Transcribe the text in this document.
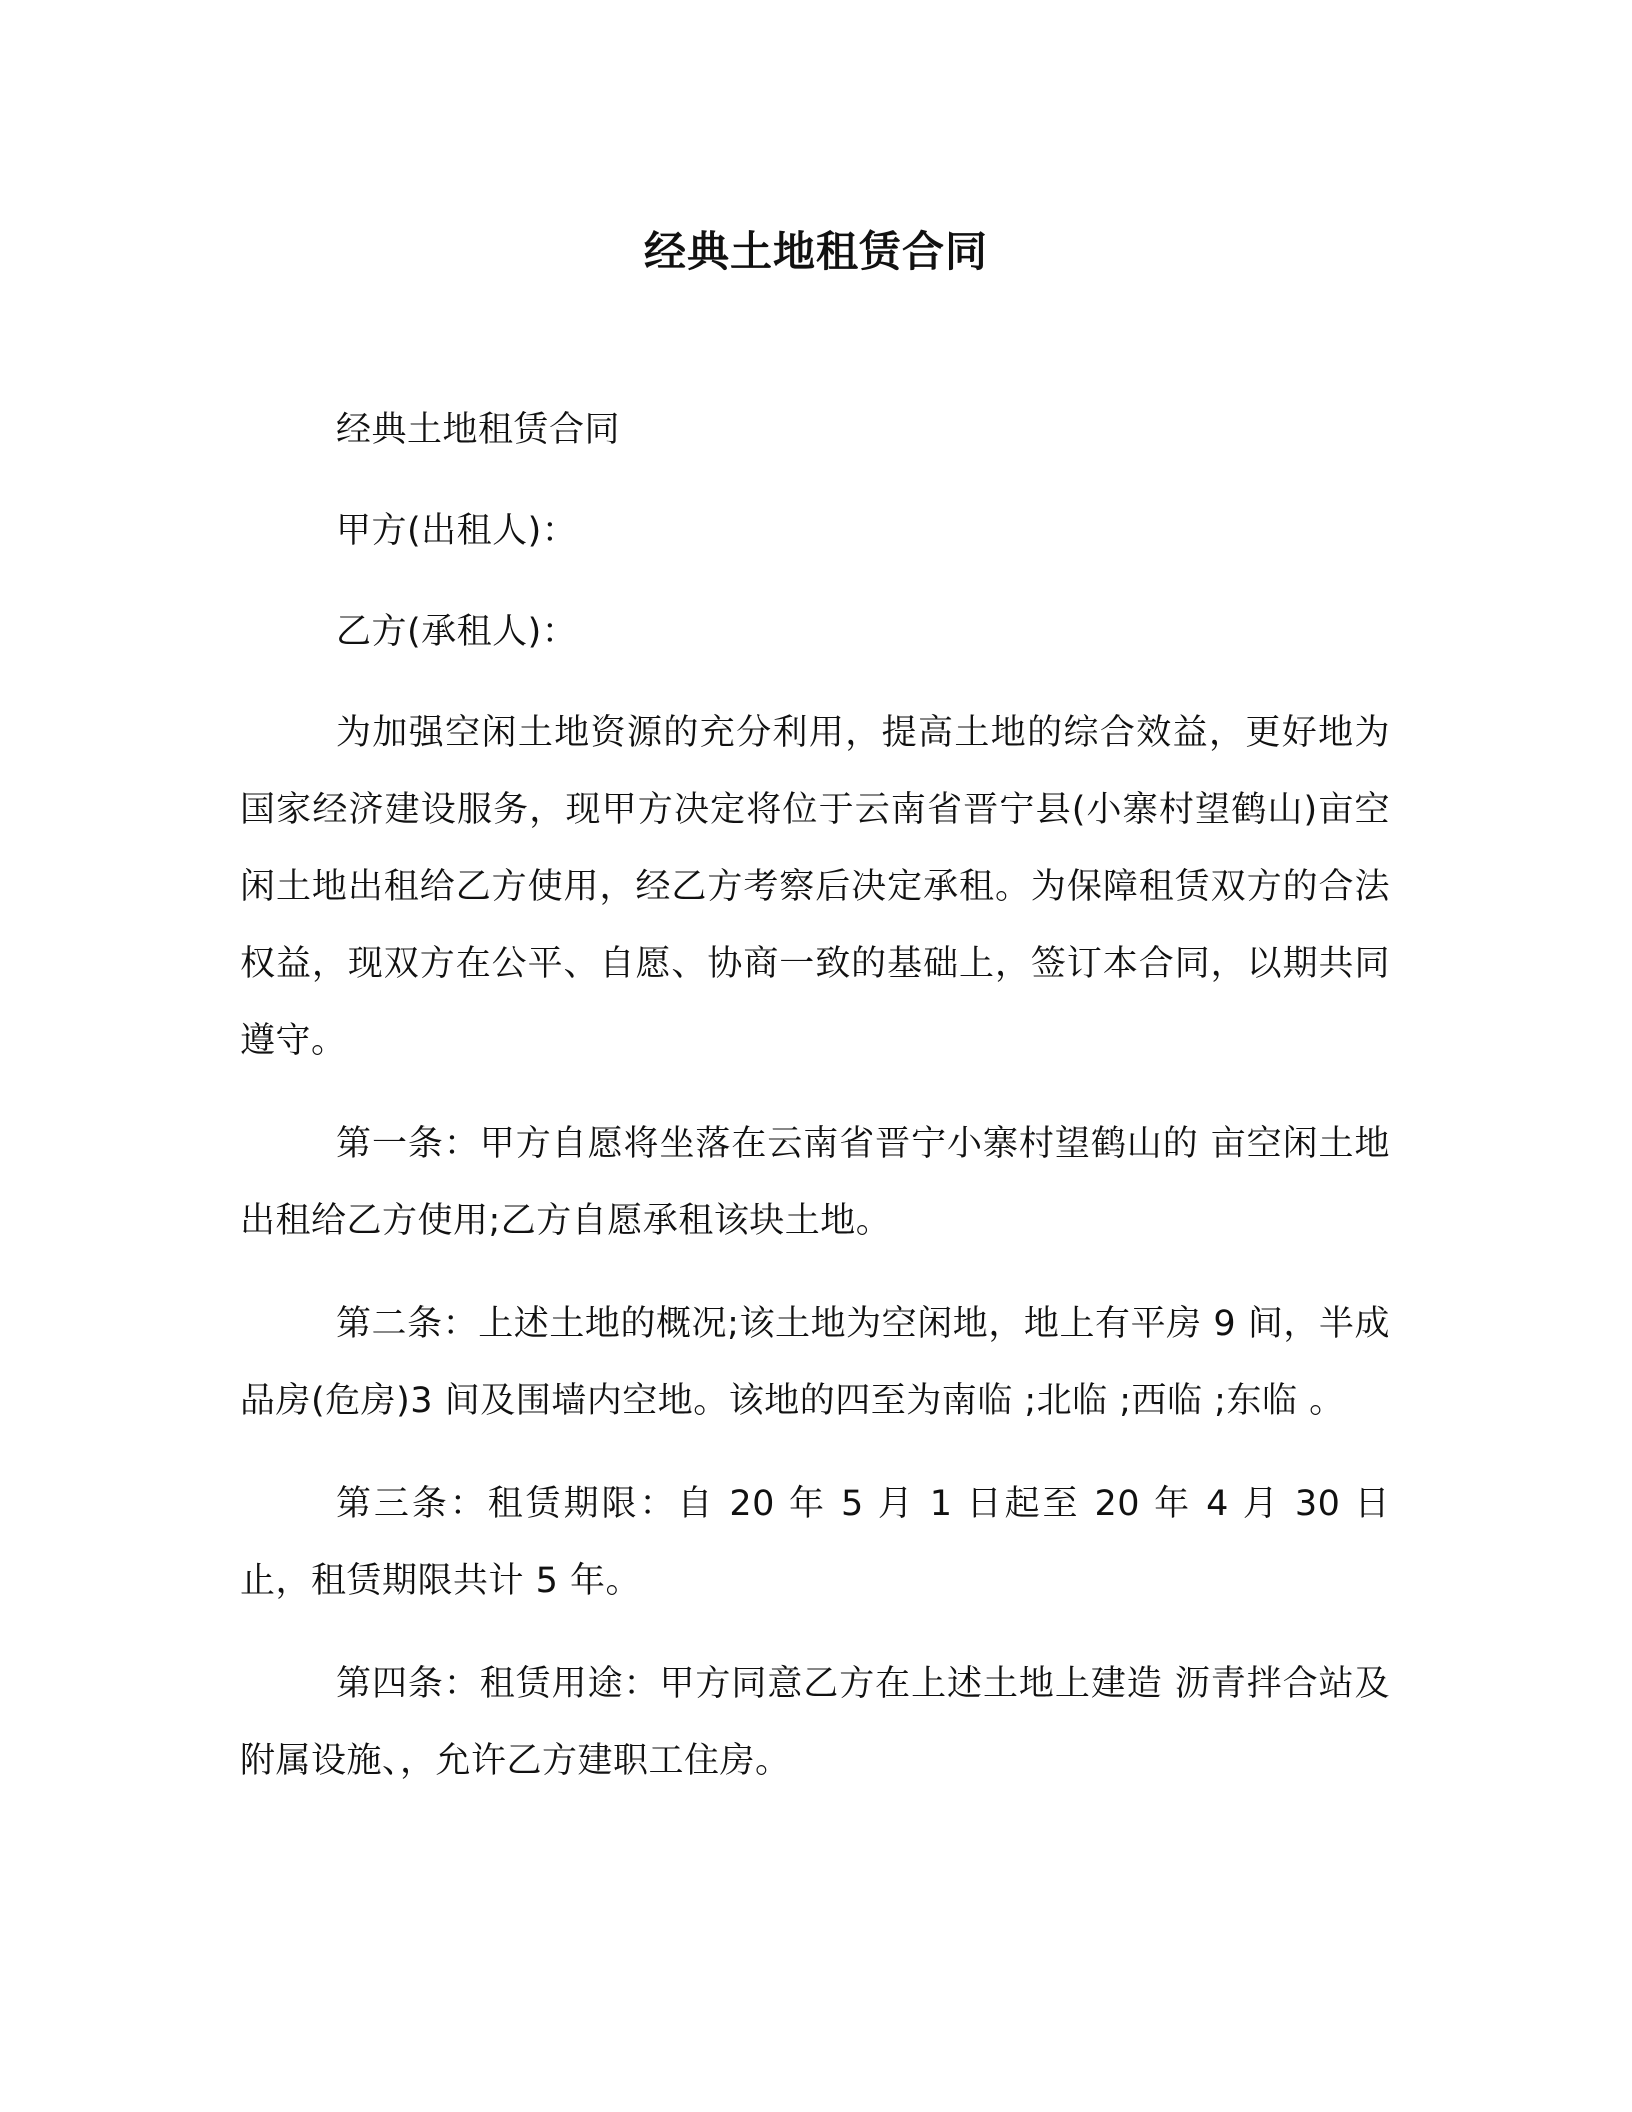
经典土地租赁合同

经典土地租赁合同

甲方(出租人)：

乙方(承租人)：

为加强空闲土地资源的充分利用，提高土地的综合效益，更好地为国家经济建设服务，现甲方决定将位于云南省晋宁县(小寨村望鹤山)亩空闲土地出租给乙方使用，经乙方考察后决定承租。为保障租赁双方的合法权益，现双方在公平、自愿、协商一致的基础上，签订本合同，以期共同遵守。

第一条：甲方自愿将坐落在云南省晋宁小寨村望鹤山的 亩空闲土地出租给乙方使用;乙方自愿承租该块土地。

第二条：上述土地的概况;该土地为空闲地，地上有平房 9 间，半成品房(危房)3 间及围墙内空地。该地的四至为南临 ;北临 ;西临 ;东临 。

第三条：租赁期限：自 20 年 5 月 1 日起至 20 年 4 月 30 日止，租赁期限共计 5 年。

第四条：租赁用途：甲方同意乙方在上述土地上建造 沥青拌合站及附属设施、，允许乙方建职工住房。
